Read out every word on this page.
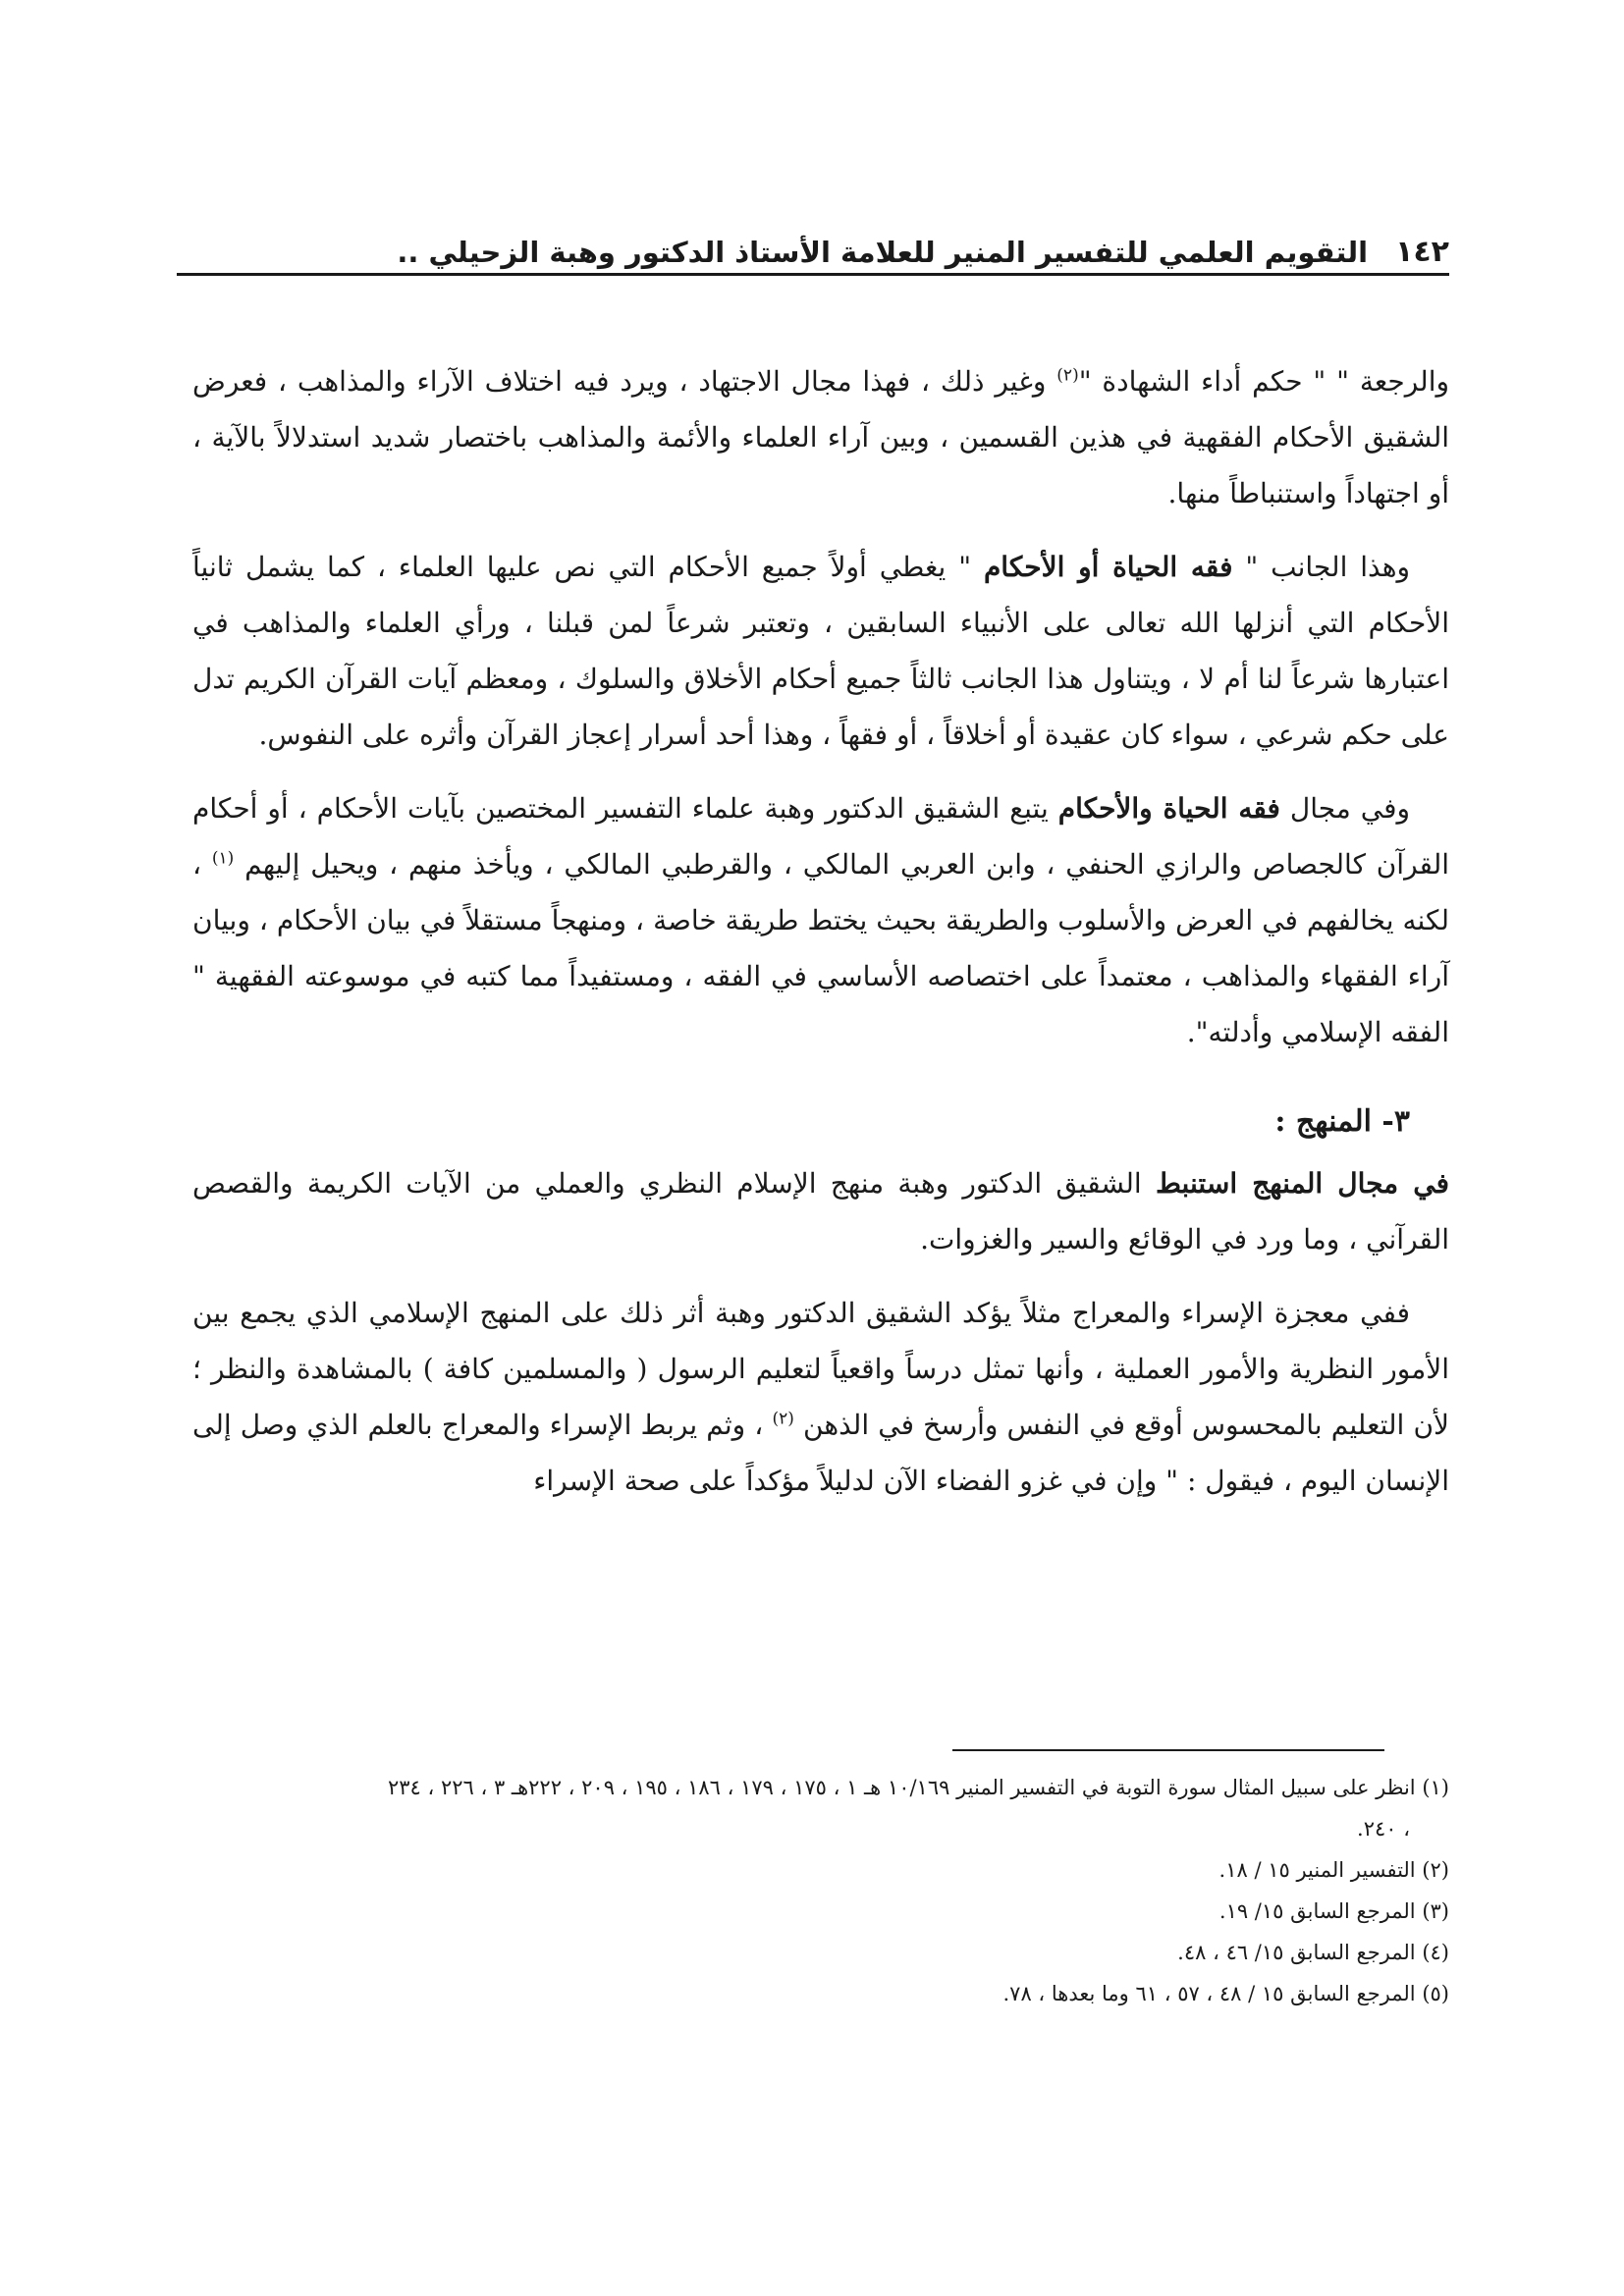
١٤٢
التقويم العلمي للتفسير المنير للعلامة الأستاذ الدكتور وهبة الزحيلي ..

والرجعة " " حكم أداء الشهادة "$^{(٢)}$ وغير ذلك ، فهذا مجال الاجتهاد ، ويرد فيه اختلاف الآراء والمذاهب ، فعرض الشقيق الأحكام الفقهية في هذين القسمين ، وبين آراء العلماء والأئمة والمذاهب باختصار شديد استدلالاً بالآية ، أو اجتهاداً واستنباطاً منها.

وهذا الجانب " فقه الحياة أو الأحكام " يغطي أولاً جميع الأحكام التي نص عليها العلماء ، كما يشمل ثانياً الأحكام التي أنزلها الله تعالى على الأنبياء السابقين ، وتعتبر شرعاً لمن قبلنا ، ورأي العلماء والمذاهب في اعتبارها شرعاً لنا أم لا ، ويتناول هذا الجانب ثالثاً جميع أحكام الأخلاق والسلوك ، ومعظم آيات القرآن الكريم تدل على حكم شرعي ، سواء كان عقيدة أو أخلاقاً ، أو فقهاً ، وهذا أحد أسرار إعجاز القرآن وأثره على النفوس.

وفي مجال فقه الحياة والأحكام يتبع الشقيق الدكتور وهبة علماء التفسير المختصين بآيات الأحكام ، أو أحكام القرآن كالجصاص والرازي الحنفي ، وابن العربي المالكي ، والقرطبي المالكي ، ويأخذ منهم ، ويحيل إليهم $^{(١)}$ ، لكنه يخالفهم في العرض والأسلوب والطريقة بحيث يختط طريقة خاصة ، ومنهجاً مستقلاً في بيان الأحكام ، وبيان آراء الفقهاء والمذاهب ، معتمداً على اختصاصه الأساسي في الفقه ، ومستفيداً مما كتبه في موسوعته الفقهية " الفقه الإسلامي وأدلته".

٣- المنهج :

في مجال المنهج استنبط الشقيق الدكتور وهبة منهج الإسلام النظري والعملي من الآيات الكريمة والقصص القرآني ، وما ورد في الوقائع والسير والغزوات.

ففي معجزة الإسراء والمعراج مثلاً يؤكد الشقيق الدكتور وهبة أثر ذلك على المنهج الإسلامي الذي يجمع بين الأمور النظرية والأمور العملية ، وأنها تمثل درساً واقعياً لتعليم الرسول ( والمسلمين كافة ) بالمشاهدة والنظر ؛ لأن التعليم بالمحسوس أوقع في النفس وأرسخ في الذهن $^{(٢)}$ ، وثم يربط الإسراء والمعراج بالعلم الذي وصل إلى الإنسان اليوم ، فيقول : " وإن في غزو الفضاء الآن لدليلاً مؤكداً على صحة الإسراء

(١) انظر على سبيل المثال سورة التوبة في التفسير المنير ١٠/١٦٩ هـ ١ ، ١٧٥ ، ١٧٩ ، ١٨٦ ، ١٩٥ ، ٢٠٩ ، ٢٢٢هـ ٣ ، ٢٢٦ ، ٢٣٤

، ٢٤٠.

(٢) التفسير المنير ١٥ / ١٨.

(٣) المرجع السابق ١٥/ ١٩.

(٤) المرجع السابق ١٥/ ٤٦ ، ٤٨.

(٥) المرجع السابق ١٥ / ٤٨ ، ٥٧ ، ٦١ وما بعدها ، ٧٨.
